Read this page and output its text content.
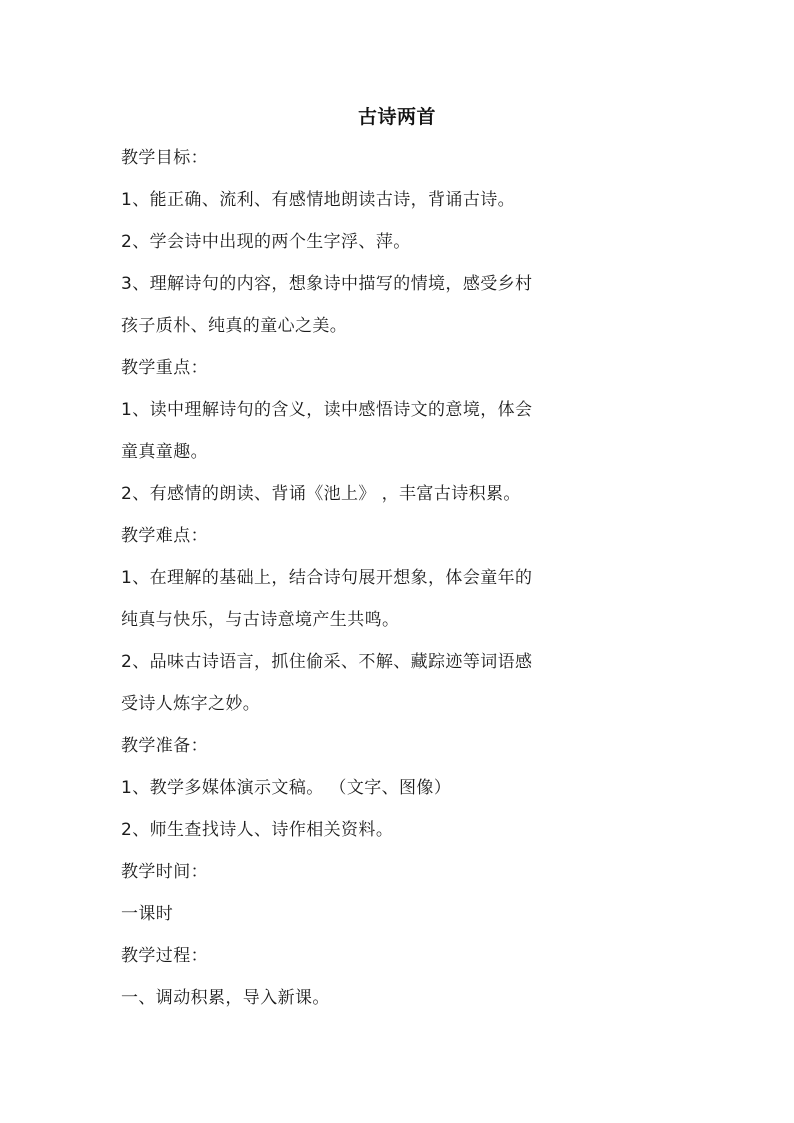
古诗两首
教学目标：
1、能正确、流利、有感情地朗读古诗，背诵古诗。
2、学会诗中出现的两个生字浮、萍。
3、理解诗句的内容，想象诗中描写的情境，感受乡村
孩子质朴、纯真的童心之美。
教学重点：
1、读中理解诗句的含义，读中感悟诗文的意境，体会
童真童趣。
2、有感情的朗读、背诵《池上》 ，丰富古诗积累。
教学难点：
1、在理解的基础上，结合诗句展开想象，体会童年的
纯真与快乐，与古诗意境产生共鸣。
2、品味古诗语言，抓住偷采、不解、藏踪迹等词语感
受诗人炼字之妙。
教学准备：
1、教学多媒体演示文稿。 （文字、图像）
2、师生查找诗人、诗作相关资料。
教学时间：
一课时
教学过程：
一、调动积累，导入新课。
